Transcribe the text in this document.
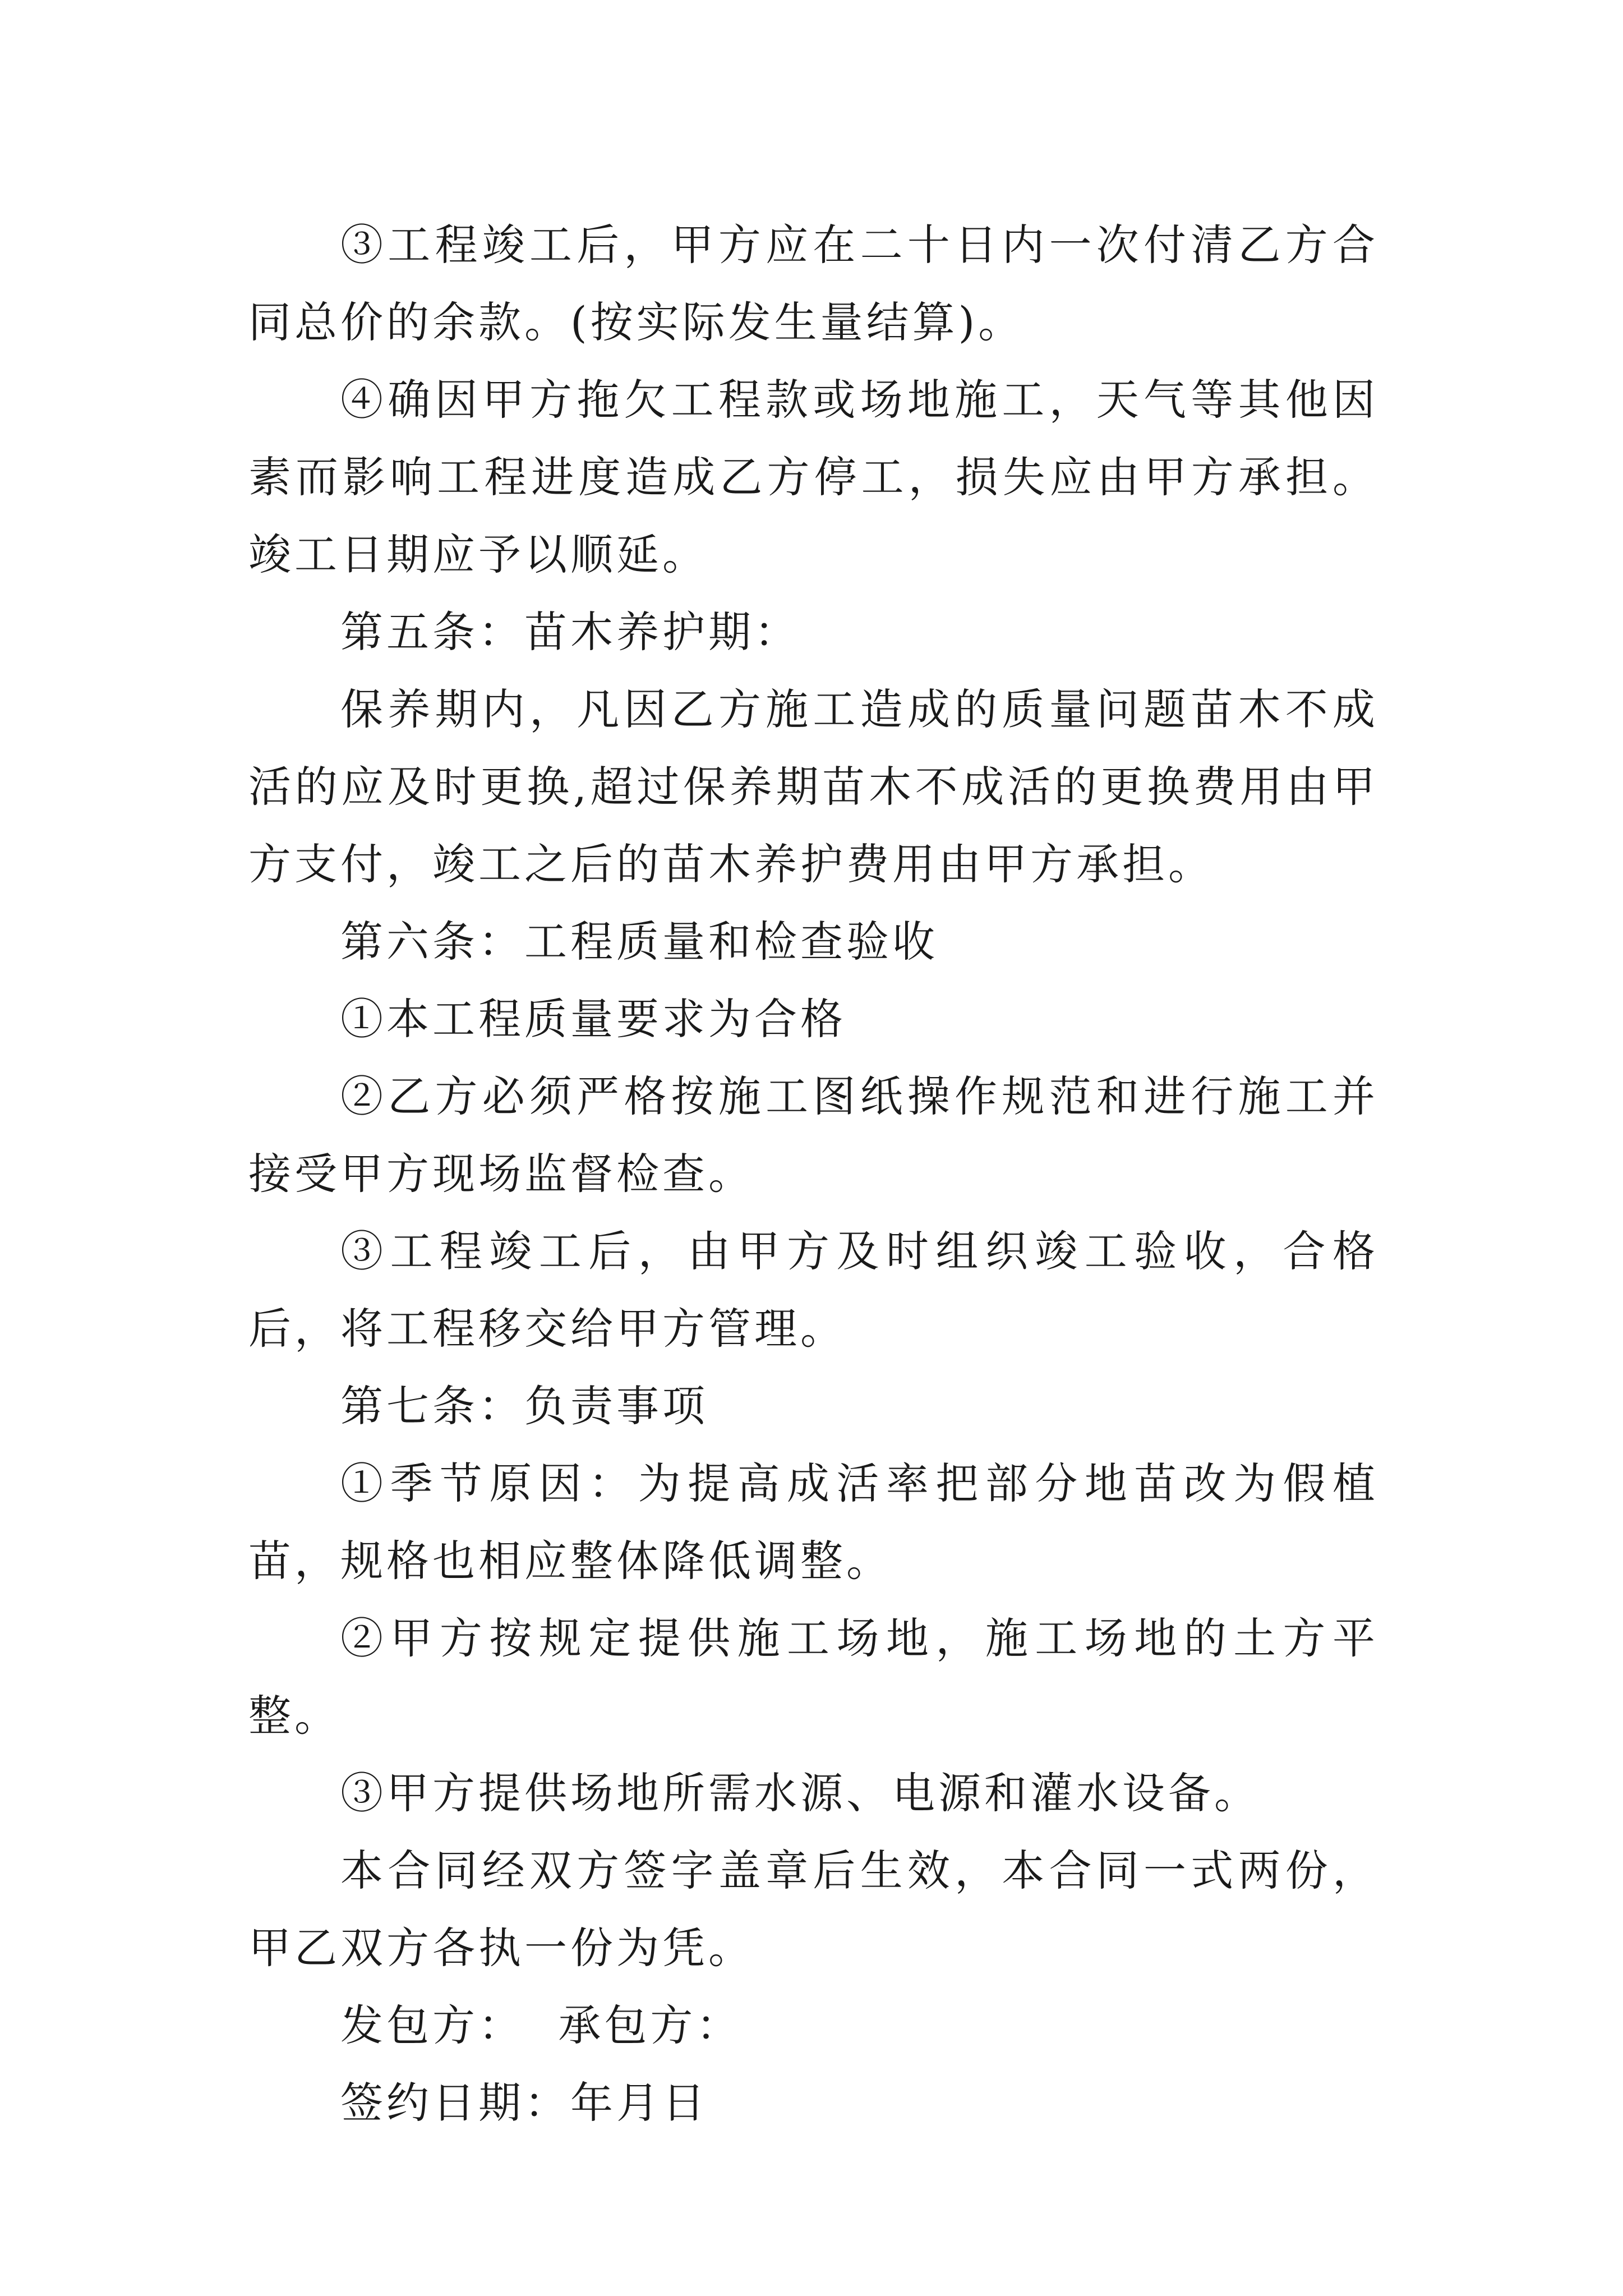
③工程竣工后，甲方应在二十日内一次付清乙方合同总价的余款。(按实际发生量结算)。

④确因甲方拖欠工程款或场地施工，天气等其他因素而影响工程进度造成乙方停工，损失应由甲方承担。竣工日期应予以顺延。

第五条：苗木养护期：

保养期内，凡因乙方施工造成的质量问题苗木不成活的应及时更换,超过保养期苗木不成活的更换费用由甲方支付，竣工之后的苗木养护费用由甲方承担。

第六条：工程质量和检查验收

①本工程质量要求为合格

②乙方必须严格按施工图纸操作规范和进行施工并接受甲方现场监督检查。

③工程竣工后，由甲方及时组织竣工验收，合格后，将工程移交给甲方管理。

第七条：负责事项

①季节原因：为提高成活率把部分地苗改为假植苗，规格也相应整体降低调整。

②甲方按规定提供施工场地，施工场地的土方平整。

③甲方提供场地所需水源、电源和灌水设备。

本合同经双方签字盖章后生效，本合同一式两份，甲乙双方各执一份为凭。

发包方：  承包方：

签约日期：年月日
